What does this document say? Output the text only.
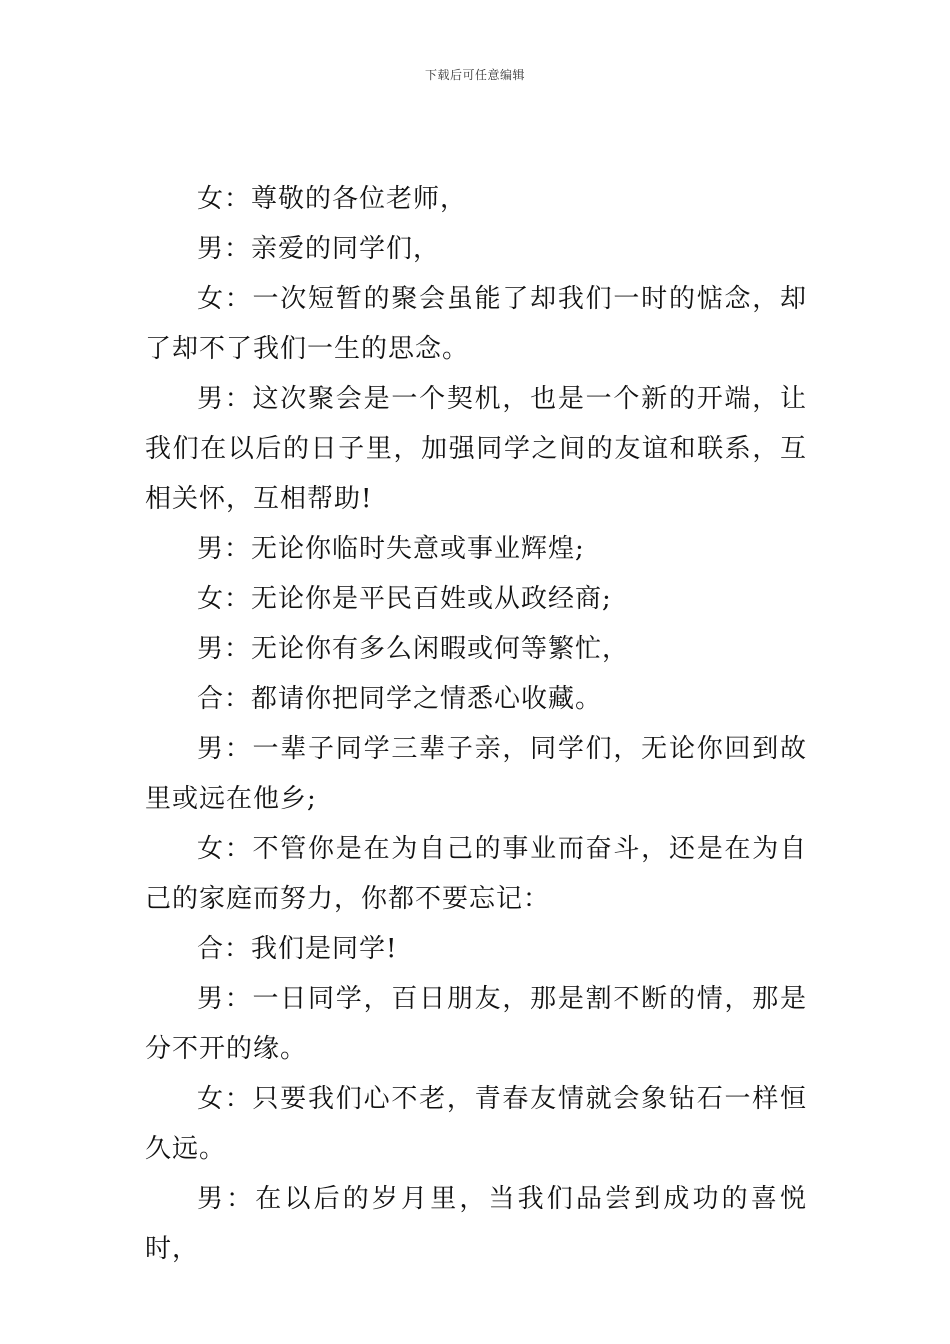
下载后可任意编辑

女：尊敬的各位老师，

男：亲爱的同学们，

女：一次短暂的聚会虽能了却我们一时的惦念，却了却不了我们一生的思念。

男：这次聚会是一个契机，也是一个新的开端，让我们在以后的日子里，加强同学之间的友谊和联系，互相关怀，互相帮助!

男：无论你临时失意或事业辉煌;

女：无论你是平民百姓或从政经商;

男：无论你有多么闲暇或何等繁忙，

合：都请你把同学之情悉心收藏。

男：一辈子同学三辈子亲，同学们，无论你回到故里或远在他乡;

女：不管你是在为自己的事业而奋斗，还是在为自己的家庭而努力，你都不要忘记：

合：我们是同学!

男：一日同学，百日朋友，那是割不断的情，那是分不开的缘。

女：只要我们心不老，青春友情就会象钻石一样恒久远。

男：在以后的岁月里，当我们品尝到成功的喜悦时，
